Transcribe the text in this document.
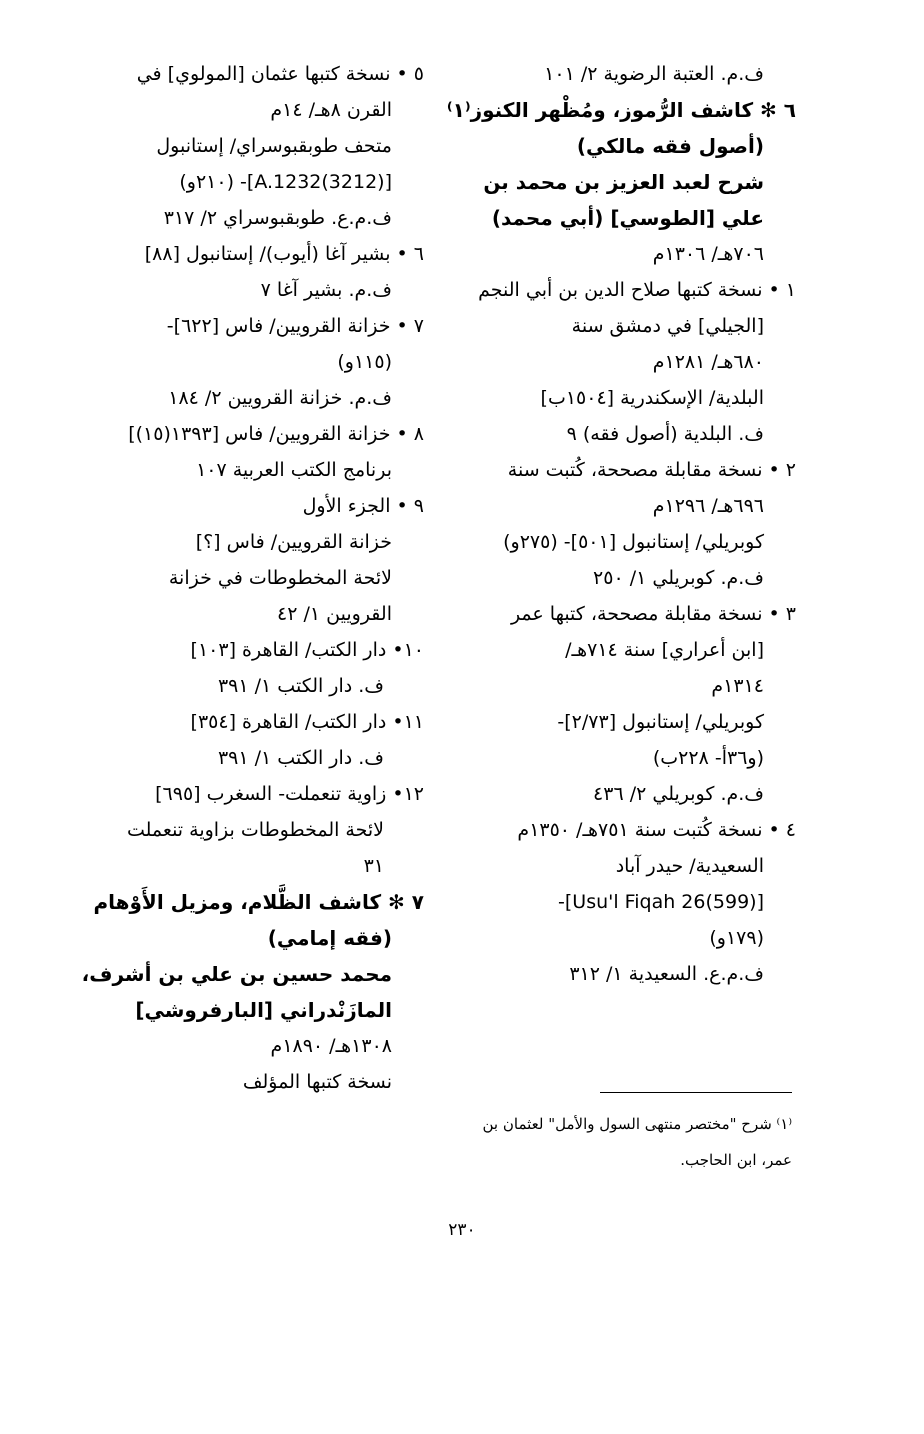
ف.م. العتبة الرضوية ٢/ ١٠١
٦ ✻ كاشف الرُّموز، ومُظْهر الكنوز⁽١⁾
(أصول فقه مالكي)
شرح لعبد العزيز بن محمد بن
علي [الطوسي] (أبي محمد)
٧٠٦هـ/ ١٣٠٦م
١ • نسخة كتبها صلاح الدين بن أبي النجم
[الجيلي] في دمشق سنة
٦٨٠هـ/ ١٢٨١م
البلدية/ الإسكندرية [١٥٠٤ب]
ف. البلدية (أصول فقه) ٩
٢ • نسخة مقابلة مصححة، كُتبت سنة
٦٩٦هـ/ ١٢٩٦م
كوبريلي/ إستانبول [٥٠١]- (٢٧٥و)
ف.م. كوبريلي ١/ ٢٥٠
٣ • نسخة مقابلة مصححة، كتبها عمر
[ابن أعراري] سنة ٧١٤هـ/
١٣١٤م
كوبريلي/ إستانبول [٢/٧٣]-
(و٣٦أ- ٢٢٨ب)
ف.م. كوبريلي ٢/ ٤٣٦
٤ • نسخة كُتبت سنة ٧٥١هـ/ ١٣٥٠م
السعيدية/ حيدر آباد
[Usu'l Fiqah 26(599)]-
(١٧٩و)
ف.م.ع. السعيدية ١/ ٣١٢
٥ • نسخة كتبها عثمان [المولوي] في
القرن ٨هـ/ ١٤م
متحف طوبقبوسراي/ إستانبول
[A.1232(3212)]- (٢١٠و)
ف.م.ع. طوبقبوسراي ٢/ ٣١٧
٦ • بشير آغا (أيوب)/ إستانبول [٨٨]
ف.م. بشير آغا ٧
٧ • خزانة القرويين/ فاس [٦٢٢]-
(١١٥و)
ف.م. خزانة القرويين ٢/ ١٨٤
٨ • خزانة القرويين/ فاس [١٣٩٣(١٥)]
برنامج الكتب العربية ١٠٧
٩ • الجزء الأول
خزانة القرويين/ فاس [؟]
لائحة المخطوطات في خزانة
القرويين ١/ ٤٢
١٠• دار الكتب/ القاهرة [١٠٣]
ف. دار الكتب ١/ ٣٩١
١١• دار الكتب/ القاهرة [٣٥٤]
ف. دار الكتب ١/ ٣٩١
١٢• زاوية تنعملت- السغرب [٦٩٥]
لائحة المخطوطات بزاوية تنعملت
٣١
٧ ✻ كاشف الظَّلام، ومزيل الأَوْهام
(فقه إمامي)
محمد حسين بن علي بن أشرف،
المازَنْدراني [البارفروشي]
١٣٠٨هـ/ ١٨٩٠م
نسخة كتبها المؤلف
⁽١⁾ شرح "مختصر منتهى السول والأمل" لعثمان بن
عمر، ابن الحاجب.
٢٣٠
